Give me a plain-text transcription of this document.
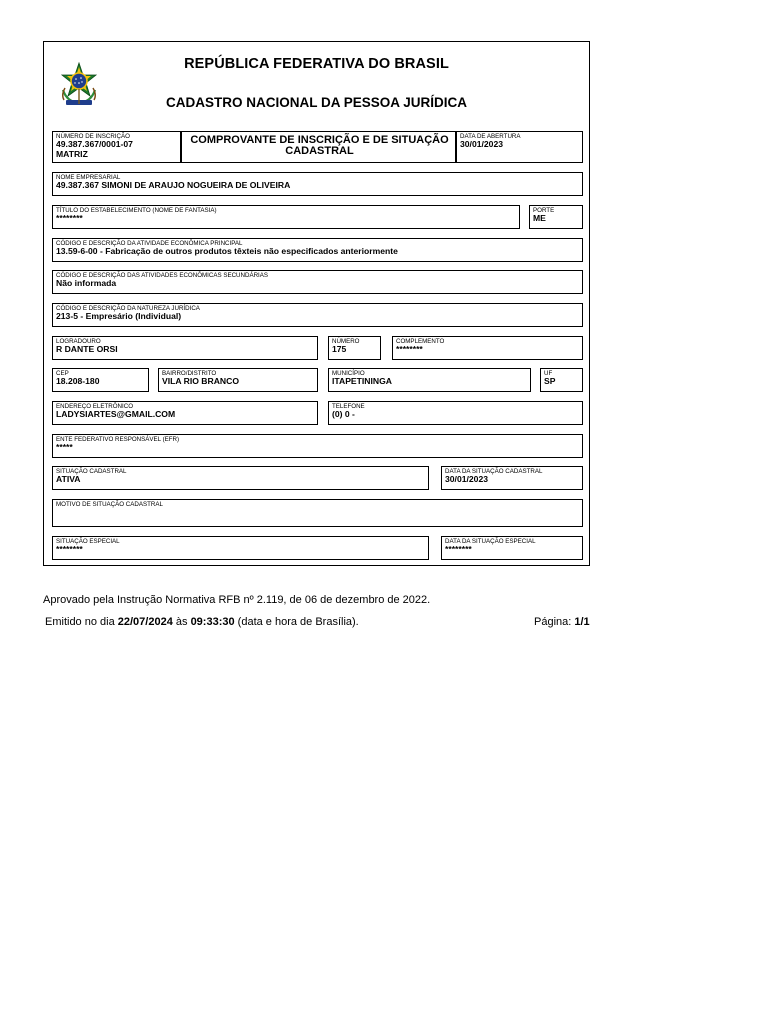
REPÚBLICA FEDERATIVA DO BRASIL
CADASTRO NACIONAL DA PESSOA JURÍDICA
NÚMERO DE INSCRIÇÃO
49.387.367/0001-07
MATRIZ
COMPROVANTE DE INSCRIÇÃO E DE SITUAÇÃO
CADASTRAL
DATA DE ABERTURA
30/01/2023
NOME EMPRESARIAL
49.387.367 SIMONI DE ARAUJO NOGUEIRA DE OLIVEIRA
TÍTULO DO ESTABELECIMENTO (NOME DE FANTASIA)
********
PORTE
ME
CÓDIGO E DESCRIÇÃO DA ATIVIDADE ECONÔMICA PRINCIPAL
13.59-6-00 - Fabricação de outros produtos têxteis não especificados anteriormente
CÓDIGO E DESCRIÇÃO DAS ATIVIDADES ECONÔMICAS SECUNDÁRIAS
Não informada
CÓDIGO E DESCRIÇÃO DA NATUREZA JURÍDICA
213-5 - Empresário (Individual)
LOGRADOURO
R DANTE ORSI
NÚMERO
175
COMPLEMENTO
********
CEP
18.208-180
BAIRRO/DISTRITO
VILA RIO BRANCO
MUNICÍPIO
ITAPETININGA
UF
SP
ENDEREÇO ELETRÔNICO
LADYSIARTES@GMAIL.COM
TELEFONE
(0) 0 -
ENTE FEDERATIVO RESPONSÁVEL (EFR)
*****
SITUAÇÃO CADASTRAL
ATIVA
DATA DA SITUAÇÃO CADASTRAL
30/01/2023
MOTIVO DE SITUAÇÃO CADASTRAL
SITUAÇÃO ESPECIAL
********
DATA DA SITUAÇÃO ESPECIAL
********
Aprovado pela Instrução Normativa RFB nº 2.119, de 06 de dezembro de 2022.
Emitido no dia 22/07/2024 às 09:33:30 (data e hora de Brasília).	Página: 1/1
